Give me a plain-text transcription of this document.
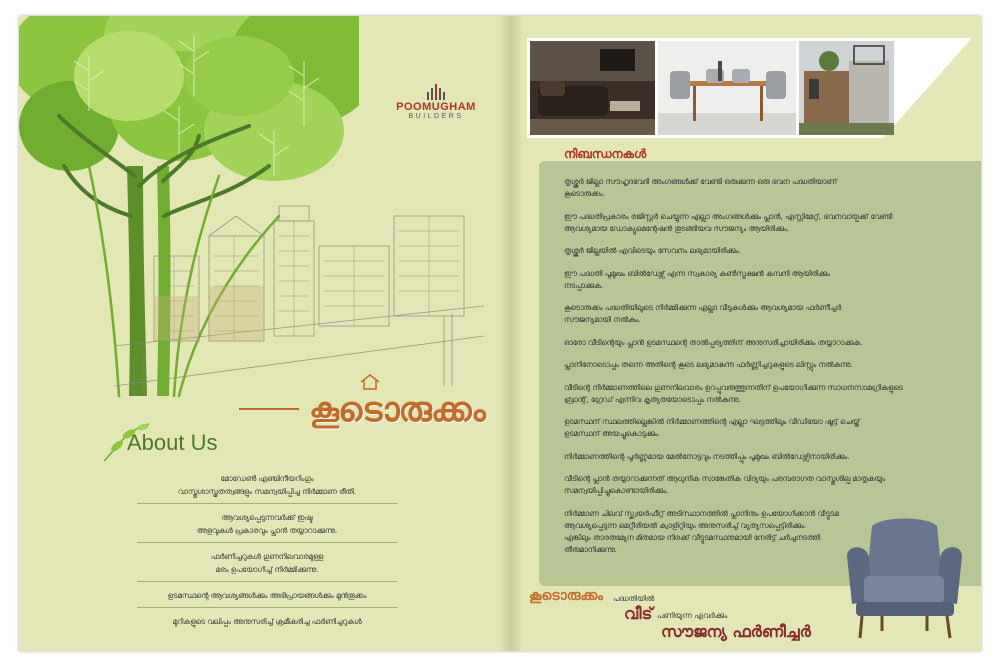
POOMUGHAM
BUILDERS
കൂടൊരുക്കം
About Us
മോഡേൺ എഞ്ചിനീയറിംഗും
വാസ്തുശാസ്ത്രതത്വങ്ങളും സമന്വയിപ്പിച്ച നിർമ്മാണ രീതി.
ആവശ്യപ്പെടുന്നവർക്ക് ഇഷ്ട
അളവുകൾ പ്രകാരവും പ്ലാൻ തയ്യാറാക്കുന്നു.
ഫർണിച്ചറുകൾ ഗുണനിലവാരമുള്ള
മരം ഉപയോഗിച്ച് നിർമ്മിക്കുന്നു.
ഉടമസ്ഥന്റെ ആവശ്യങ്ങൾക്കും അഭിപ്രായങ്ങൾക്കും മുൻതൂക്കം
മുറികളുടെ വലിപ്പം അനുസരിച്ച് ക്രമീകരിച്ച ഫർണിച്ചറുകൾ
നിബന്ധനകൾ
തൃശ്ശൂർ ജില്ലാ സൗഹൃദവേദി അംഗങ്ങൾക്ക് വേണ്ടി ഒരുക്കുന്ന ഒരു ഭവന പദ്ധതിയാണ്
കൂടൊരുക്കം.
ഈ പദ്ധതിപ്രകാരം രജിസ്റ്റർ ചെയ്യുന്ന എല്ലാ അംഗങ്ങൾക്കും പ്ലാൻ, എസ്റ്റിമേറ്റ്, ഭവനവായ്പക്ക് വേണ്ടി
ആവശ്യമായ ഡോക്യുമെന്റേഷൻ തുടങ്ങിയവ സൗജന്യം ആയിരിക്കും.
തൃശ്ശൂർ ജില്ലയിൽ എവിടെയും സേവനം ലഭ്യമായിരിക്കും.
ഈ പദ്ധതി പൂമുഖം ബിൽഡേഴ്സ് എന്ന സ്വകാര്യ കൺസ്ട്രക്ഷൻ കമ്പനി ആയിരിക്കും
നടപ്പാക്കുക.
കൂടൊരുക്കം പദ്ധതിയിലൂടെ നിർമ്മിക്കുന്ന എല്ലാ വീടുകൾക്കും ആവശ്യമായ ഫർണീച്ചർ
സൗജന്യമായി നൽകും.
ഓരോ വീടിന്റെയും പ്ലാൻ ഉടമസ്ഥന്റെ താൽപ്പര്യത്തിന് അനുസരിച്ചായിരിക്കും തയ്യാറാക്കുക.
പ്ലാനിനോടൊപ്പം തന്നെ അതിന്റെ കൂടെ ലഭ്യമാകുന്ന ഫർണ്ണിച്ചറുകളുടെ ലിസ്റ്റും നൽകുന്നു.
വീടിന്റെ നിർമ്മാണത്തിലെ ഗുണനിലവാരം ഉറപ്പുവരുത്തുന്നതിന് ഉപയോഗിക്കുന്ന സാധനസാമഗ്രികളുടെ
ബ്രാന്റ്, ഗ്രേഡ് എന്നിവ കൃത്യതയോടൊപ്പം നൽകുന്നു.
ഉടമസ്ഥന് സ്ഥലത്തില്ലെങ്കിൽ നിർമ്മാണത്തിന്റെ എല്ലാ ഘട്ടത്തിലും വീഡിയോ ഷൂട്ട് ചെയ്ത്
ഉടമസ്ഥന് അയച്ചുകൊടുക്കും.
നിർമ്മാണത്തിന്റെ പൂർണ്ണമായ മേൽനോട്ടവും നടത്തിപ്പും പൂമുഖം ബിൽഡേഴ്സിനായിരിക്കും.
വീടിന്റെ പ്ലാൻ തയ്യാറാക്കുന്നത് ആധുനിക സാങ്കേതിക വിദ്യയും പരമ്പരാഗത വാസ്തുശില്പ മാതൃകയും
സമന്വയിപ്പിച്ചുകൊണ്ടായിരിക്കും.
നിർമ്മാണ ചിലവ് സ്ക്വയർഫീറ്റ് അടിസ്ഥാനത്തിൽ പ്ലാനിനും ഉപയോഗിക്കാൻ വീട്ടുടമ
ആവശ്യപ്പെടുന്ന മെറ്റീരിയൽ ക്വാളിറ്റിയും അനുസരിച്ച് വ്യത്യസപ്പെട്ടിരിക്കും.
എങ്കിലും താരതമ്യേന മിതമായ നിരക്ക് വീട്ടുടമസ്ഥനുമായി നേരിട്ട് ചർച്ചനടത്തി
തീരുമാനിക്കുന്നു.
കൂടൊരുക്കം പദ്ധതിയിൽ
വീട് പണിയുന്ന എവർക്കും
സൗജന്യ ഫർണീച്ചർ
